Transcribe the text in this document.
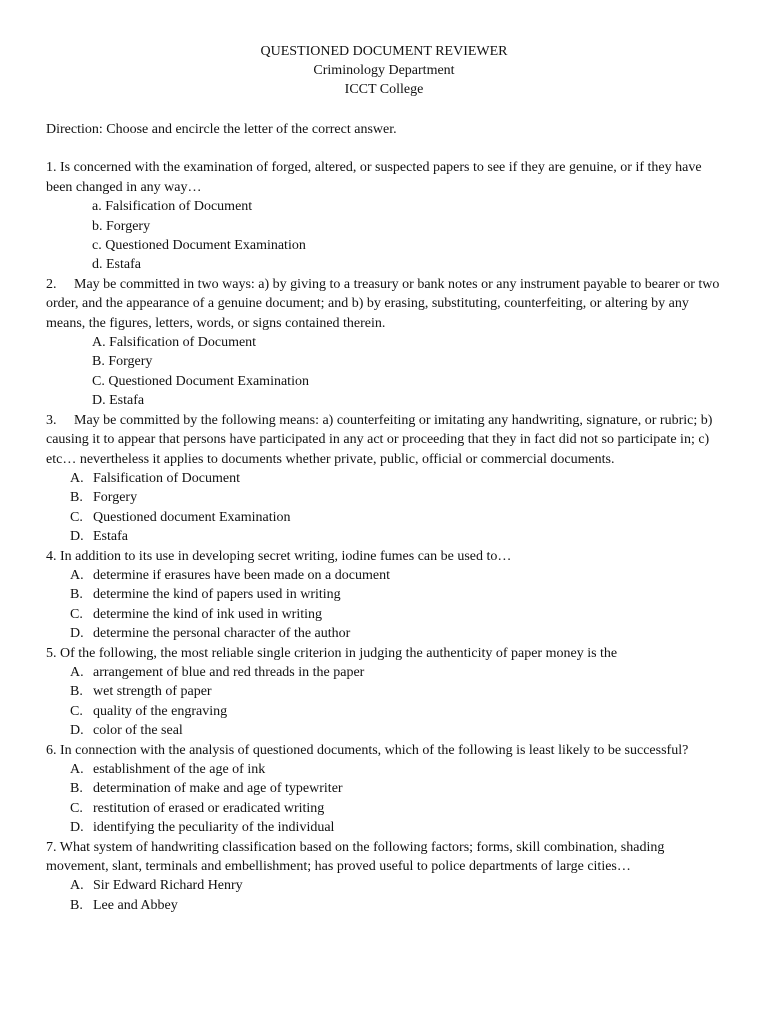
QUESTIONED DOCUMENT REVIEWER
Criminology Department
ICCT College
Direction: Choose and encircle the letter of the correct answer.
1. Is concerned with the examination of forged, altered, or suspected papers to see if they are genuine, or if they have been changed in any way…
a. Falsification of Document
b. Forgery
c. Questioned Document Examination
d. Estafa
2. May be committed in two ways: a) by giving to a treasury or bank notes or any instrument payable to bearer or two order, and the appearance of a genuine document; and b) by erasing, substituting, counterfeiting, or altering by any means, the figures, letters, words, or signs contained therein.
A. Falsification of Document
B. Forgery
C. Questioned Document Examination
D. Estafa
3. May be committed by the following means: a) counterfeiting or imitating any handwriting, signature, or rubric; b) causing it to appear that persons have participated in any act or proceeding that they in fact did not so participate in; c) etc… nevertheless it applies to documents whether private, public, official or commercial documents.
A. Falsification of Document
B. Forgery
C. Questioned document Examination
D. Estafa
4. In addition to its use in developing secret writing, iodine fumes can be used to…
A. determine if erasures have been made on a document
B. determine the kind of papers used in writing
C. determine the kind of ink used in writing
D. determine the personal character of the author
5. Of the following, the most reliable single criterion in judging the authenticity of paper money is the
A. arrangement of blue and red threads in the paper
B. wet strength of paper
C. quality of the engraving
D. color of the seal
6. In connection with the analysis of questioned documents, which of the following is least likely to be successful?
A. establishment of the age of ink
B. determination of make and age of typewriter
C. restitution of erased or eradicated writing
D. identifying the peculiarity of the individual
7. What system of handwriting classification based on the following factors; forms, skill combination, shading movement, slant, terminals and embellishment; has proved useful to police departments of large cities…
A. Sir Edward Richard Henry
B. Lee and Abbey
